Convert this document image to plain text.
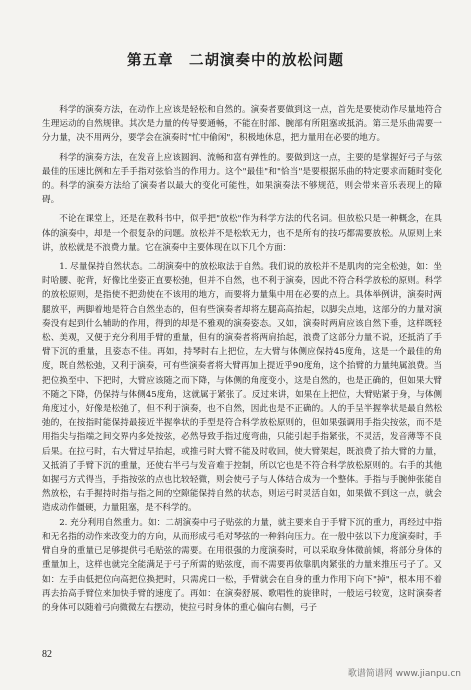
第五章　二胡演奏中的放松问题

科学的演奏方法，在动作上应该是轻松和自然的。演奏者要做到这一点，首先是要使动作尽量地符合生理运动的自然规律。其次是力量的传导要通畅，不能在肘部、腕部有所阻塞或抵消。第三是乐曲需要一分力量，决不用两分，要学会在演奏时"忙中偷闲"，积极地休息，把力量用在必要的地方。

科学的演奏方法，在发音上应该圆润、流畅和富有弹性的。要做到这一点，主要的是掌握好弓子与弦最佳的压速比例和左手手指对弦恰当的作用力。这个"最佳"和"恰当"是要根据乐曲的特定要求而随时变化的。科学的演奏方法给了演奏者以最大的变化可能性，如果演奏法不够规范，则会带来音乐表现上的障碍。

不论在课堂上，还是在教科书中，似乎把"放松"作为科学方法的代名词。但放松只是一种概念，在具体的演奏中，却是一个很复杂的问题。放松并不是松软无力，也不是所有的技巧都需要放松。从原则上来讲，放松就是不浪费力量。它在演奏中主要体现在以下几个方面：

1. 尽量保持自然状态。二胡演奏中的放松取法于自然。我们说的放松并不是肌肉的完全松弛，如：坐时哈腰、驼背，好像比坐姿正直要松弛，但并不自然，也不利于演奏，因此不符合科学放松的原则。科学的放松原则，是指使不把劲使在不该用的地方，而要将力量集中用在必要的点上。具体举例讲，演奏时两腿放平，两脚着地是符合自然坐态的，但有些演奏者却将左腿高高抬起，以脚尖点地，这部分的力量对演奏没有起到什么辅助的作用，得到的却是不雅观的演奏姿态。又如，演奏时两肩应该自然下垂，这样既轻松、美观，又便于充分利用手臂的重量，但有的演奏者将两肩抬起，浪费了这部分力量不说，还抵消了手臂下沉的重量，且姿态不佳。再如，持琴时右上把位，左大臂与体侧应保持45度角，这是一个最佳的角度，既自然松弛，又利于演奏，可有些演奏者将大臂再加上提近乎90度角，这个抬臂的力量纯属浪费。当把位换至中、下把时，大臂应该随之而下降，与体侧的角度变小，这是自然的，也是正确的，但如果大臂不随之下降，仍保持与体侧45度角，这就属于紧张了。反过来讲，如果在上把位，大臂贴紧于身，与体侧角度过小，好像是松弛了，但不利于演奏，也不自然，因此也是不正确的。人的手呈半握拳状是最自然松弛的，在按指时能保持最接近半握拳状的手型是符合科学放松原则的，但如果强调用手指尖按弦，而不是用指尖与指端之间交界内多处按弦，必然导致手指过度弯曲，只能引起手指紧张，不灵活，发音薄等不良后果。在拉弓时，右大臂过早抬起，或推弓时大臂不能及时收回，使大臂架起，既浪费了抬大臂的力量，又抵消了手臂下沉的重量，还使右半弓与发音难于控制，所以它也是不符合科学放松原则的。右手的其他如握弓方式得当，手指按弦的点也比较轻微，则会使弓子与人体结合成为一个整体。手指与手腕伸张能自然放松，右手握持时指与指之间的空隙能保持自然的状态，则运弓时灵活自如，如果做不到这一点，就会造成动作僵硬，力量阻塞，是不科学的。

2. 充分利用自然重力。如：二胡演奏中弓子贴弦的力量，就主要来自于手臂下沉的重力，再经过中指和无名指的动作来改变力的方向，从而形成弓毛对琴弦的一种斜向压力。在一般中弦以下力度演奏时，手臂自身的重量已足够提供弓毛贴弦的需要。在用很强的力度演奏时，可以采取身体微前倾，将部分身体的重量加上，这样也就完全能满足于弓子所需的贴弦度，而不需要再依靠肌肉紧张的力量来推压弓子了。又如：左手由低把位向高把位换把时，只需虎口一松，手臂就会在自身的重力作用下向下"掉"，根本用不着再去抬高手臂位来加快手臂的速度了。再如：在演奏舒展、歌唱性的旋律时，一般运弓较宽，这时演奏者的身体可以随着弓向微微左右摆动，使拉弓时身体的重心偏向右侧，弓子

82
歌谱简谱网 www.jianpu.cn
